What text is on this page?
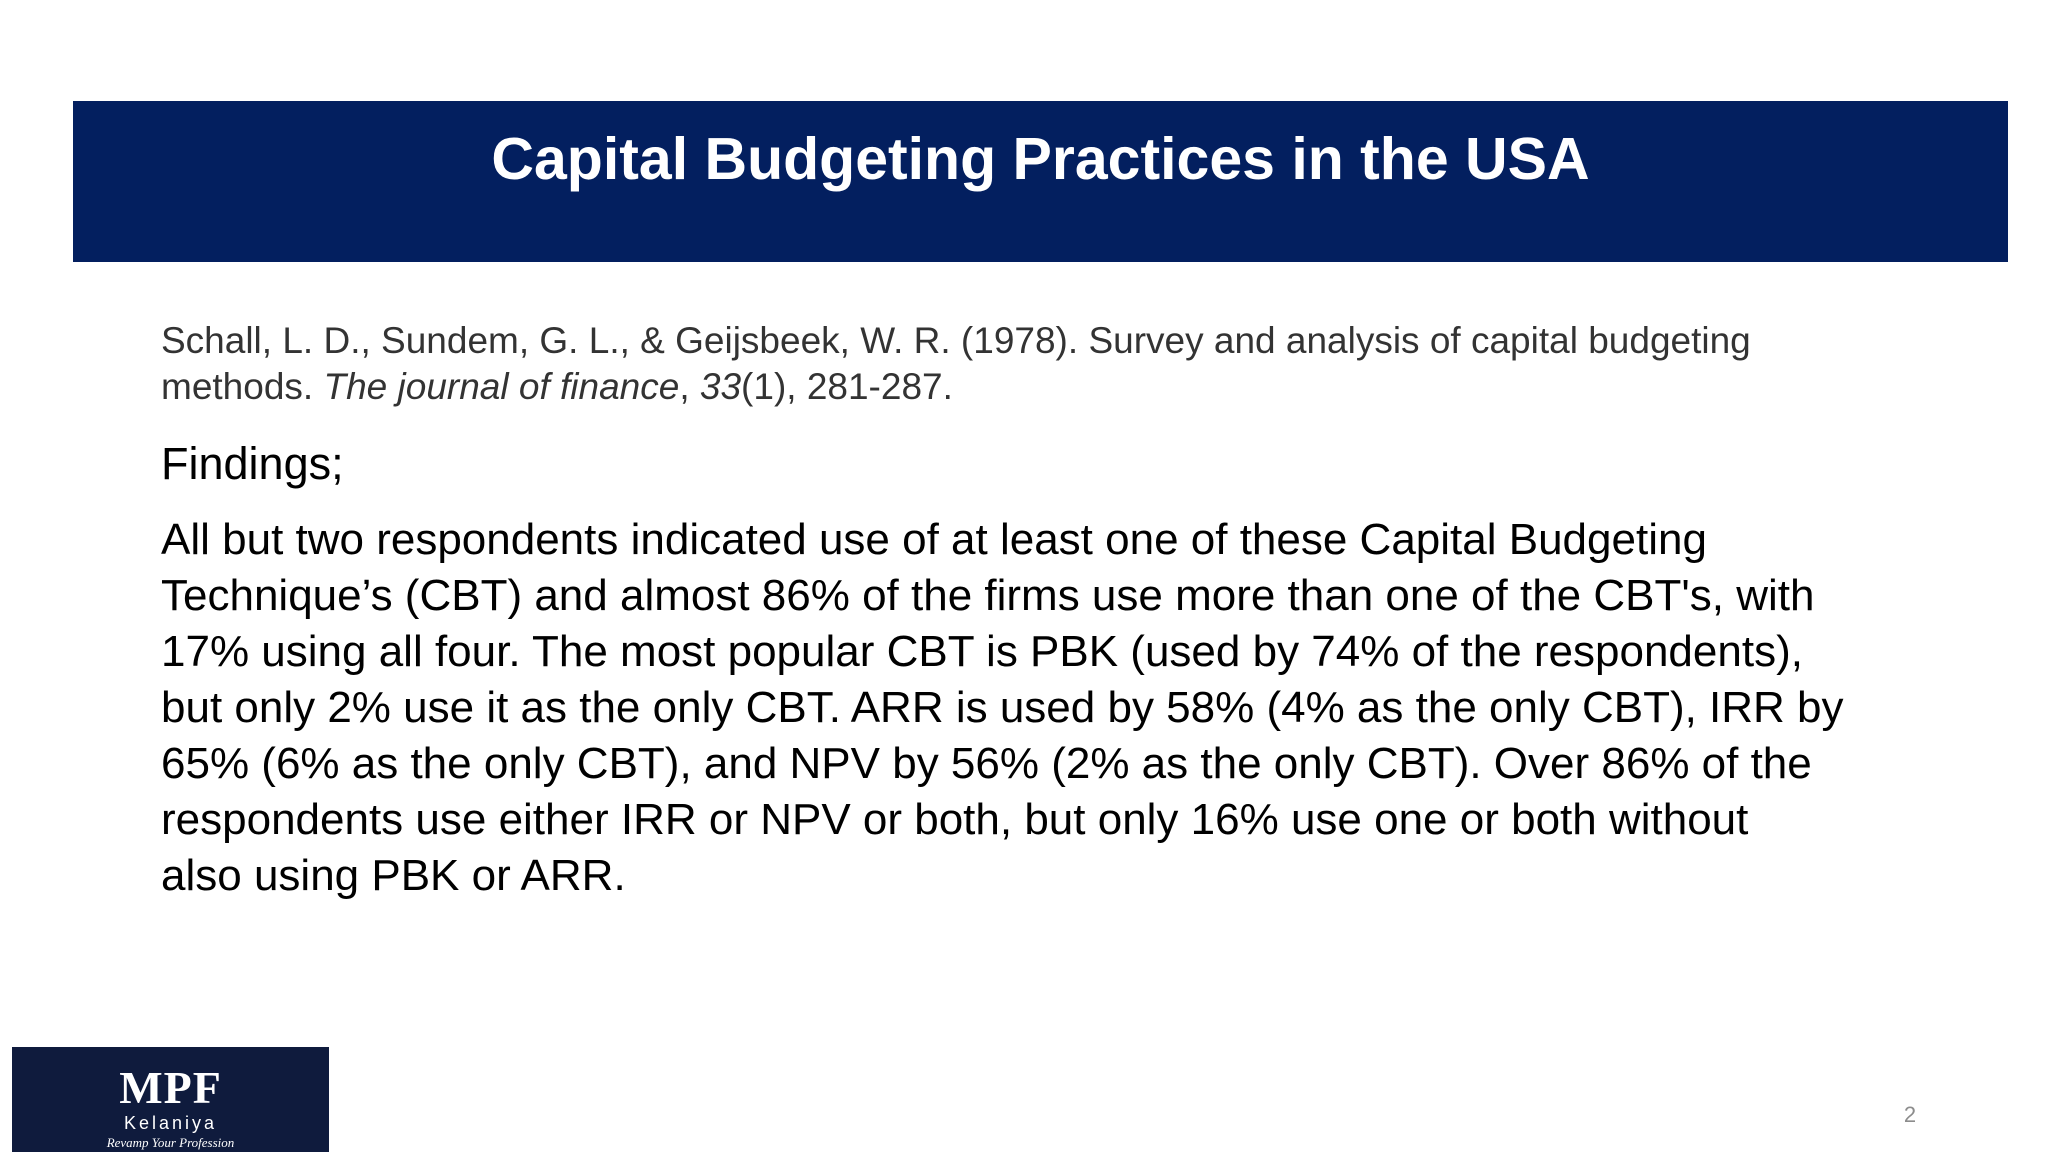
Capital Budgeting Practices in the USA
Schall, L. D., Sundem, G. L., & Geijsbeek, W. R. (1978). Survey and analysis of capital budgeting
methods. The journal of finance, 33(1), 281-287.
Findings;
All but two respondents indicated use of at least one of these Capital Budgeting
Technique’s (CBT) and almost 86% of the firms use more than one of the CBT's, with
17% using all four. The most popular CBT is PBK (used by 74% of the respondents),
but only 2% use it as the only CBT. ARR is used by 58% (4% as the only CBT), IRR by
65% (6% as the only CBT), and NPV by 56% (2% as the only CBT). Over 86% of the
respondents use either IRR or NPV or both, but only 16% use one or both without
also using PBK or ARR.
MPF
Kelaniya
Revamp Your Profession
2
